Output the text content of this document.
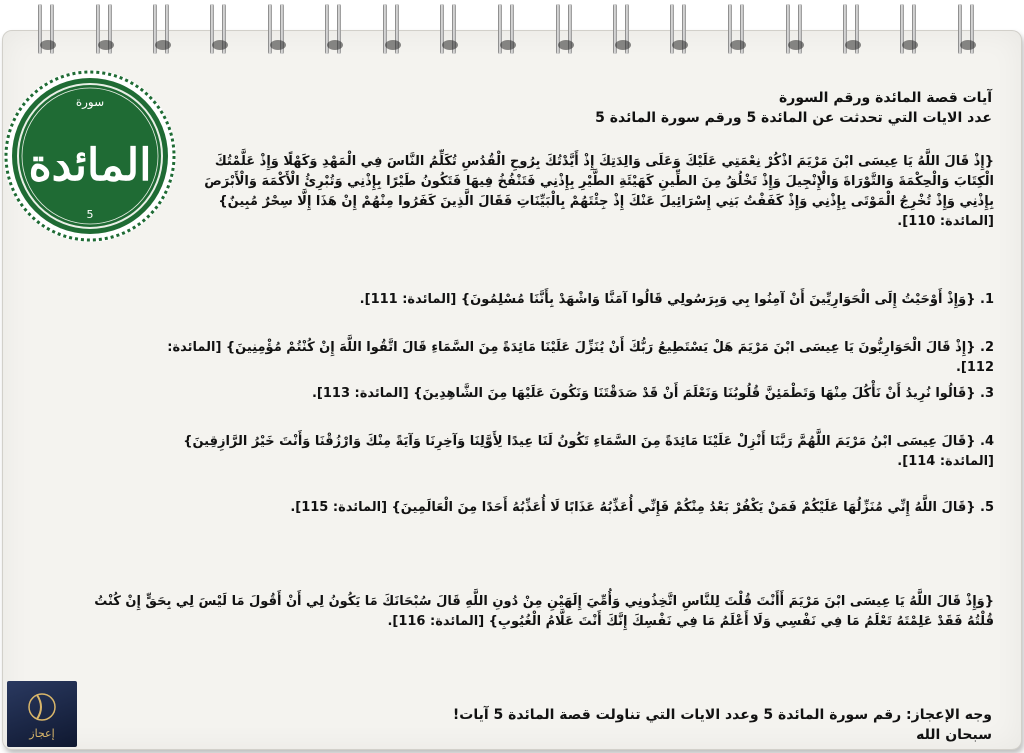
سورة
المائدة
5
آيات قصة المائدة ورقم السورة
عدد الايات التي تحدثت عن المائدة 5 ورقم سورة المائدة 5
{إِذْ قَالَ اللَّهُ يَا عِيسَى ابْنَ مَرْيَمَ اذْكُرْ نِعْمَتِي عَلَيْكَ وَعَلَى وَالِدَتِكَ إِذْ أَيَّدْتُكَ بِرُوحِ الْقُدُسِ تُكَلِّمُ النَّاسَ فِي الْمَهْدِ وَكَهْلًا وَإِذْ عَلَّمْتُكَ الْكِتَابَ وَالْحِكْمَةَ وَالتَّوْرَاةَ وَالْإِنْجِيلَ وَإِذْ تَخْلُقُ مِنَ الطِّينِ كَهَيْئَةِ الطَّيْرِ بِإِذْنِي فَتَنْفُخُ فِيهَا فَتَكُونُ طَيْرًا بِإِذْنِي وَتُبْرِئُ الْأَكْمَهَ وَالْأَبْرَصَ بِإِذْنِي وَإِذْ تُخْرِجُ الْمَوْتَى بِإِذْنِي وَإِذْ كَفَفْتُ بَنِي إِسْرَائِيلَ عَنْكَ إِذْ جِئْتَهُمْ بِالْبَيِّنَاتِ فَقَالَ الَّذِينَ كَفَرُوا مِنْهُمْ إِنْ هَذَا إِلَّا سِحْرٌ مُبِينٌ} [المائدة: 110].
1. {وَإِذْ أَوْحَيْتُ إِلَى الْحَوَارِيِّينَ أَنْ آمِنُوا بِي وَبِرَسُولِي قَالُوا آمَنَّا وَاشْهَدْ بِأَنَّنَا مُسْلِمُونَ} [المائدة: 111].
2. {إِذْ قَالَ الْحَوَارِيُّونَ يَا عِيسَى ابْنَ مَرْيَمَ هَلْ يَسْتَطِيعُ رَبُّكَ أَنْ يُنَزِّلَ عَلَيْنَا مَائِدَةً مِنَ السَّمَاءِ قَالَ اتَّقُوا اللَّهَ إِنْ كُنْتُمْ مُؤْمِنِينَ} [المائدة: 112].
3. {قَالُوا نُرِيدُ أَنْ نَأْكُلَ مِنْهَا وَتَطْمَئِنَّ قُلُوبُنَا وَنَعْلَمَ أَنْ قَدْ صَدَقْتَنَا وَنَكُونَ عَلَيْهَا مِنَ الشَّاهِدِينَ} [المائدة: 113].
4. {قَالَ عِيسَى ابْنُ مَرْيَمَ اللَّهُمَّ رَبَّنَا أَنْزِلْ عَلَيْنَا مَائِدَةً مِنَ السَّمَاءِ تَكُونُ لَنَا عِيدًا لِأَوَّلِنَا وَآخِرِنَا وَآيَةً مِنْكَ وَارْزُقْنَا وَأَنْتَ خَيْرُ الرَّازِقِينَ} [المائدة: 114].
5. {قَالَ اللَّهُ إِنِّي مُنَزِّلُهَا عَلَيْكُمْ فَمَنْ يَكْفُرْ بَعْدُ مِنْكُمْ فَإِنِّي أُعَذِّبُهُ عَذَابًا لَا أُعَذِّبُهُ أَحَدًا مِنَ الْعَالَمِينَ} [المائدة: 115].
{وَإِذْ قَالَ اللَّهُ يَا عِيسَى ابْنَ مَرْيَمَ أَأَنْتَ قُلْتَ لِلنَّاسِ اتَّخِذُونِي وَأُمِّيَ إِلَهَيْنِ مِنْ دُونِ اللَّهِ قَالَ سُبْحَانَكَ مَا يَكُونُ لِي أَنْ أَقُولَ مَا لَيْسَ لِي بِحَقٍّ إِنْ كُنْتُ قُلْتُهُ فَقَدْ عَلِمْتَهُ تَعْلَمُ مَا فِي نَفْسِي وَلَا أَعْلَمُ مَا فِي نَفْسِكَ إِنَّكَ أَنْتَ عَلَّامُ الْغُيُوبِ} [المائدة: 116].
وجه الإعجاز: رقم سورة المائدة 5 وعدد الايات التي تناولت قصة المائدة 5 آيات!
سبحان الله
إعجاز
